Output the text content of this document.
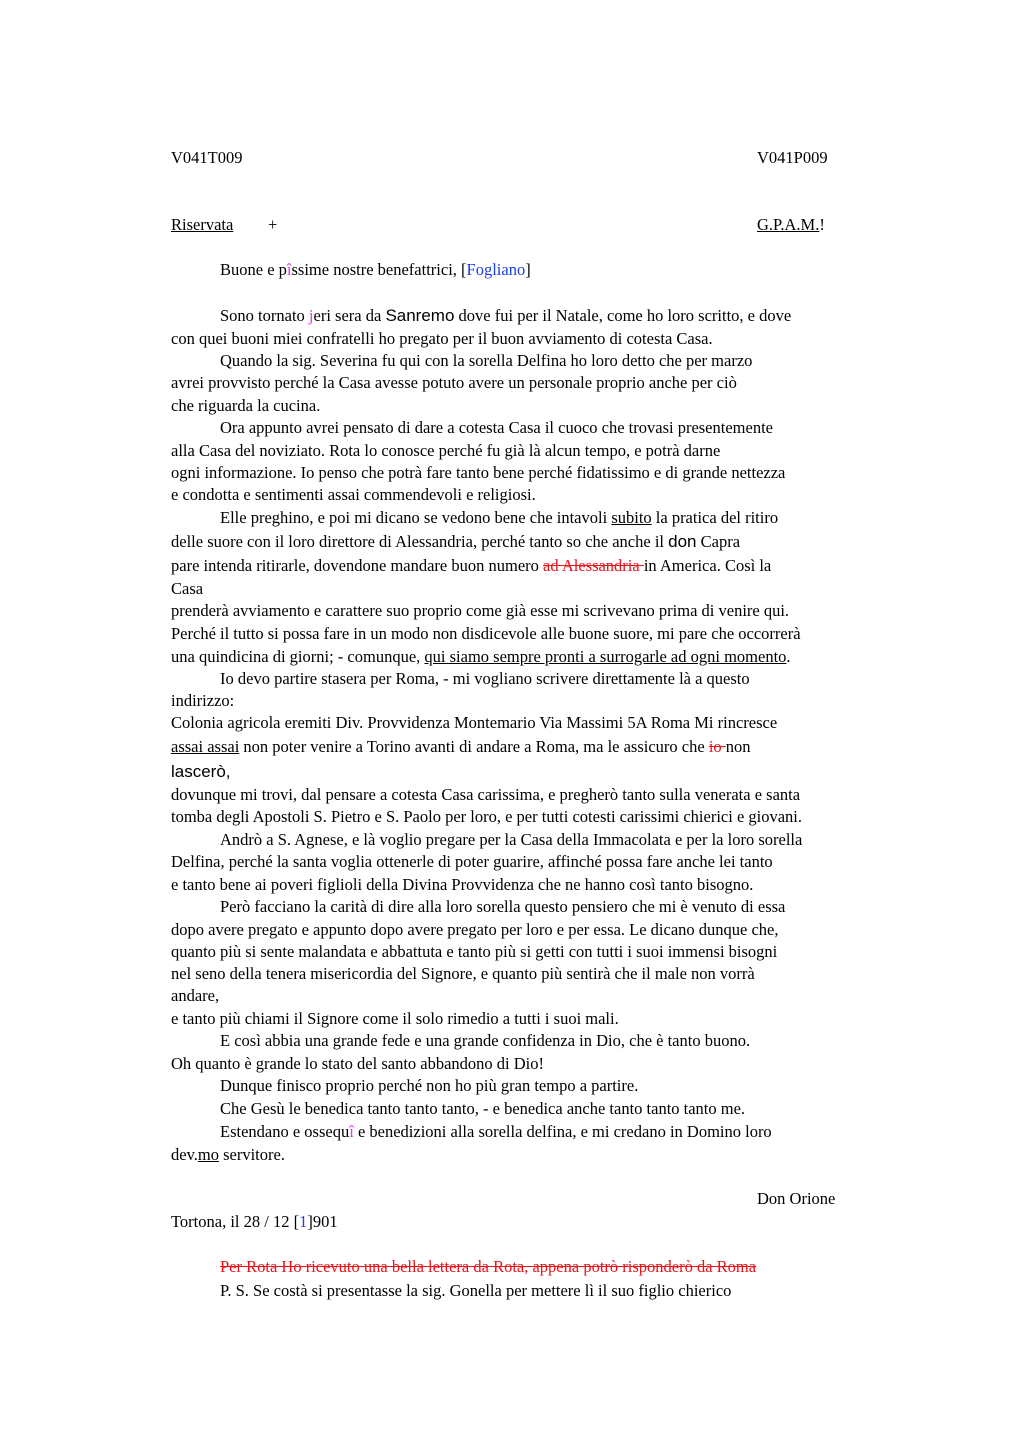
V041T009	V041P009
Riservata +	G.P.A.M.!
Buone e pîssime nostre benefattrici, [Fogliano]
Sono tornato jeri sera da Sanremo dove fui per il Natale, come ho loro scritto, e dove
con quei buoni miei confratelli ho pregato per il buon avviamento di cotesta Casa.
Quando la sig. Severina fu qui con la sorella Delfina ho loro detto che per marzo
avrei provvisto perché la Casa avesse potuto avere un personale proprio anche per ciò
che riguarda la cucina.
Ora appunto avrei pensato di dare a cotesta Casa il cuoco che trovasi presentemente
alla Casa del noviziato. Rota lo conosce perché fu già là alcun tempo, e potrà darne
ogni informazione. Io penso che potrà fare tanto bene perché fidatissimo e di grande nettezza
e condotta e sentimenti assai commendevoli e religiosi.
Elle preghino, e poi mi dicano se vedono bene che intavoli subito la pratica del ritiro
delle suore con il loro direttore di Alessandria, perché tanto so che anche il don Capra
pare intenda ritirarle, dovendone mandare buon numero ad Alessandria in America. Così la
Casa
prenderà avviamento e carattere suo proprio come già esse mi scrivevano prima di venire qui.
Perché il tutto si possa fare in un modo non disdicevole alle buone suore, mi pare che occorrerà
una quindicina di giorni; - comunque, qui siamo sempre pronti a surrogarle ad ogni momento.
Io devo partire stasera per Roma, - mi vogliano scrivere direttamente là a questo
indirizzo:
Colonia agricola eremiti Div. Provvidenza Montemario Via Massimi 5A Roma Mi rincresce
assai assai non poter venire a Torino avanti di andare a Roma, ma le assicuro che io non
lascerò,
dovunque mi trovi, dal pensare a cotesta Casa carissima, e pregherò tanto sulla venerata e santa
tomba degli Apostoli S. Pietro e S. Paolo per loro, e per tutti cotesti carissimi chierici e giovani.
Andrò a S. Agnese, e là voglio pregare per la Casa della Immacolata e per la loro sorella
Delfina, perché la santa voglia ottenerle di poter guarire, affinché possa fare anche lei tanto
e tanto bene ai poveri figlioli della Divina Provvidenza che ne hanno così tanto bisogno.
Però facciano la carità di dire alla loro sorella questo pensiero che mi è venuto di essa
dopo avere pregato e appunto dopo avere pregato per loro e per essa. Le dicano dunque che,
quanto più si sente malandata e abbattuta e tanto più si getti con tutti i suoi immensi bisogni
nel seno della tenera misericordia del Signore, e quanto più sentirà che il male non vorrà
andare,
e tanto più chiami il Signore come il solo rimedio a tutti i suoi mali.
E così abbia una grande fede e una grande confidenza in Dio, che è tanto buono.
Oh quanto è grande lo stato del santo abbandono di Dio!
Dunque finisco proprio perché non ho più gran tempo a partire.
Che Gesù le benedica tanto tanto tanto, - e benedica anche tanto tanto tanto me.
Estendano e ossequî e benedizioni alla sorella delfina, e mi credano in Domino loro
dev.mo servitore.
Don Orione
Tortona, il 28 / 12 [1]901
Per Rota Ho ricevuto una bella lettera da Rota, appena potrò risponderò da Roma
P. S. Se costà si presentasse la sig. Gonella per mettere lì il suo figlio chierico
